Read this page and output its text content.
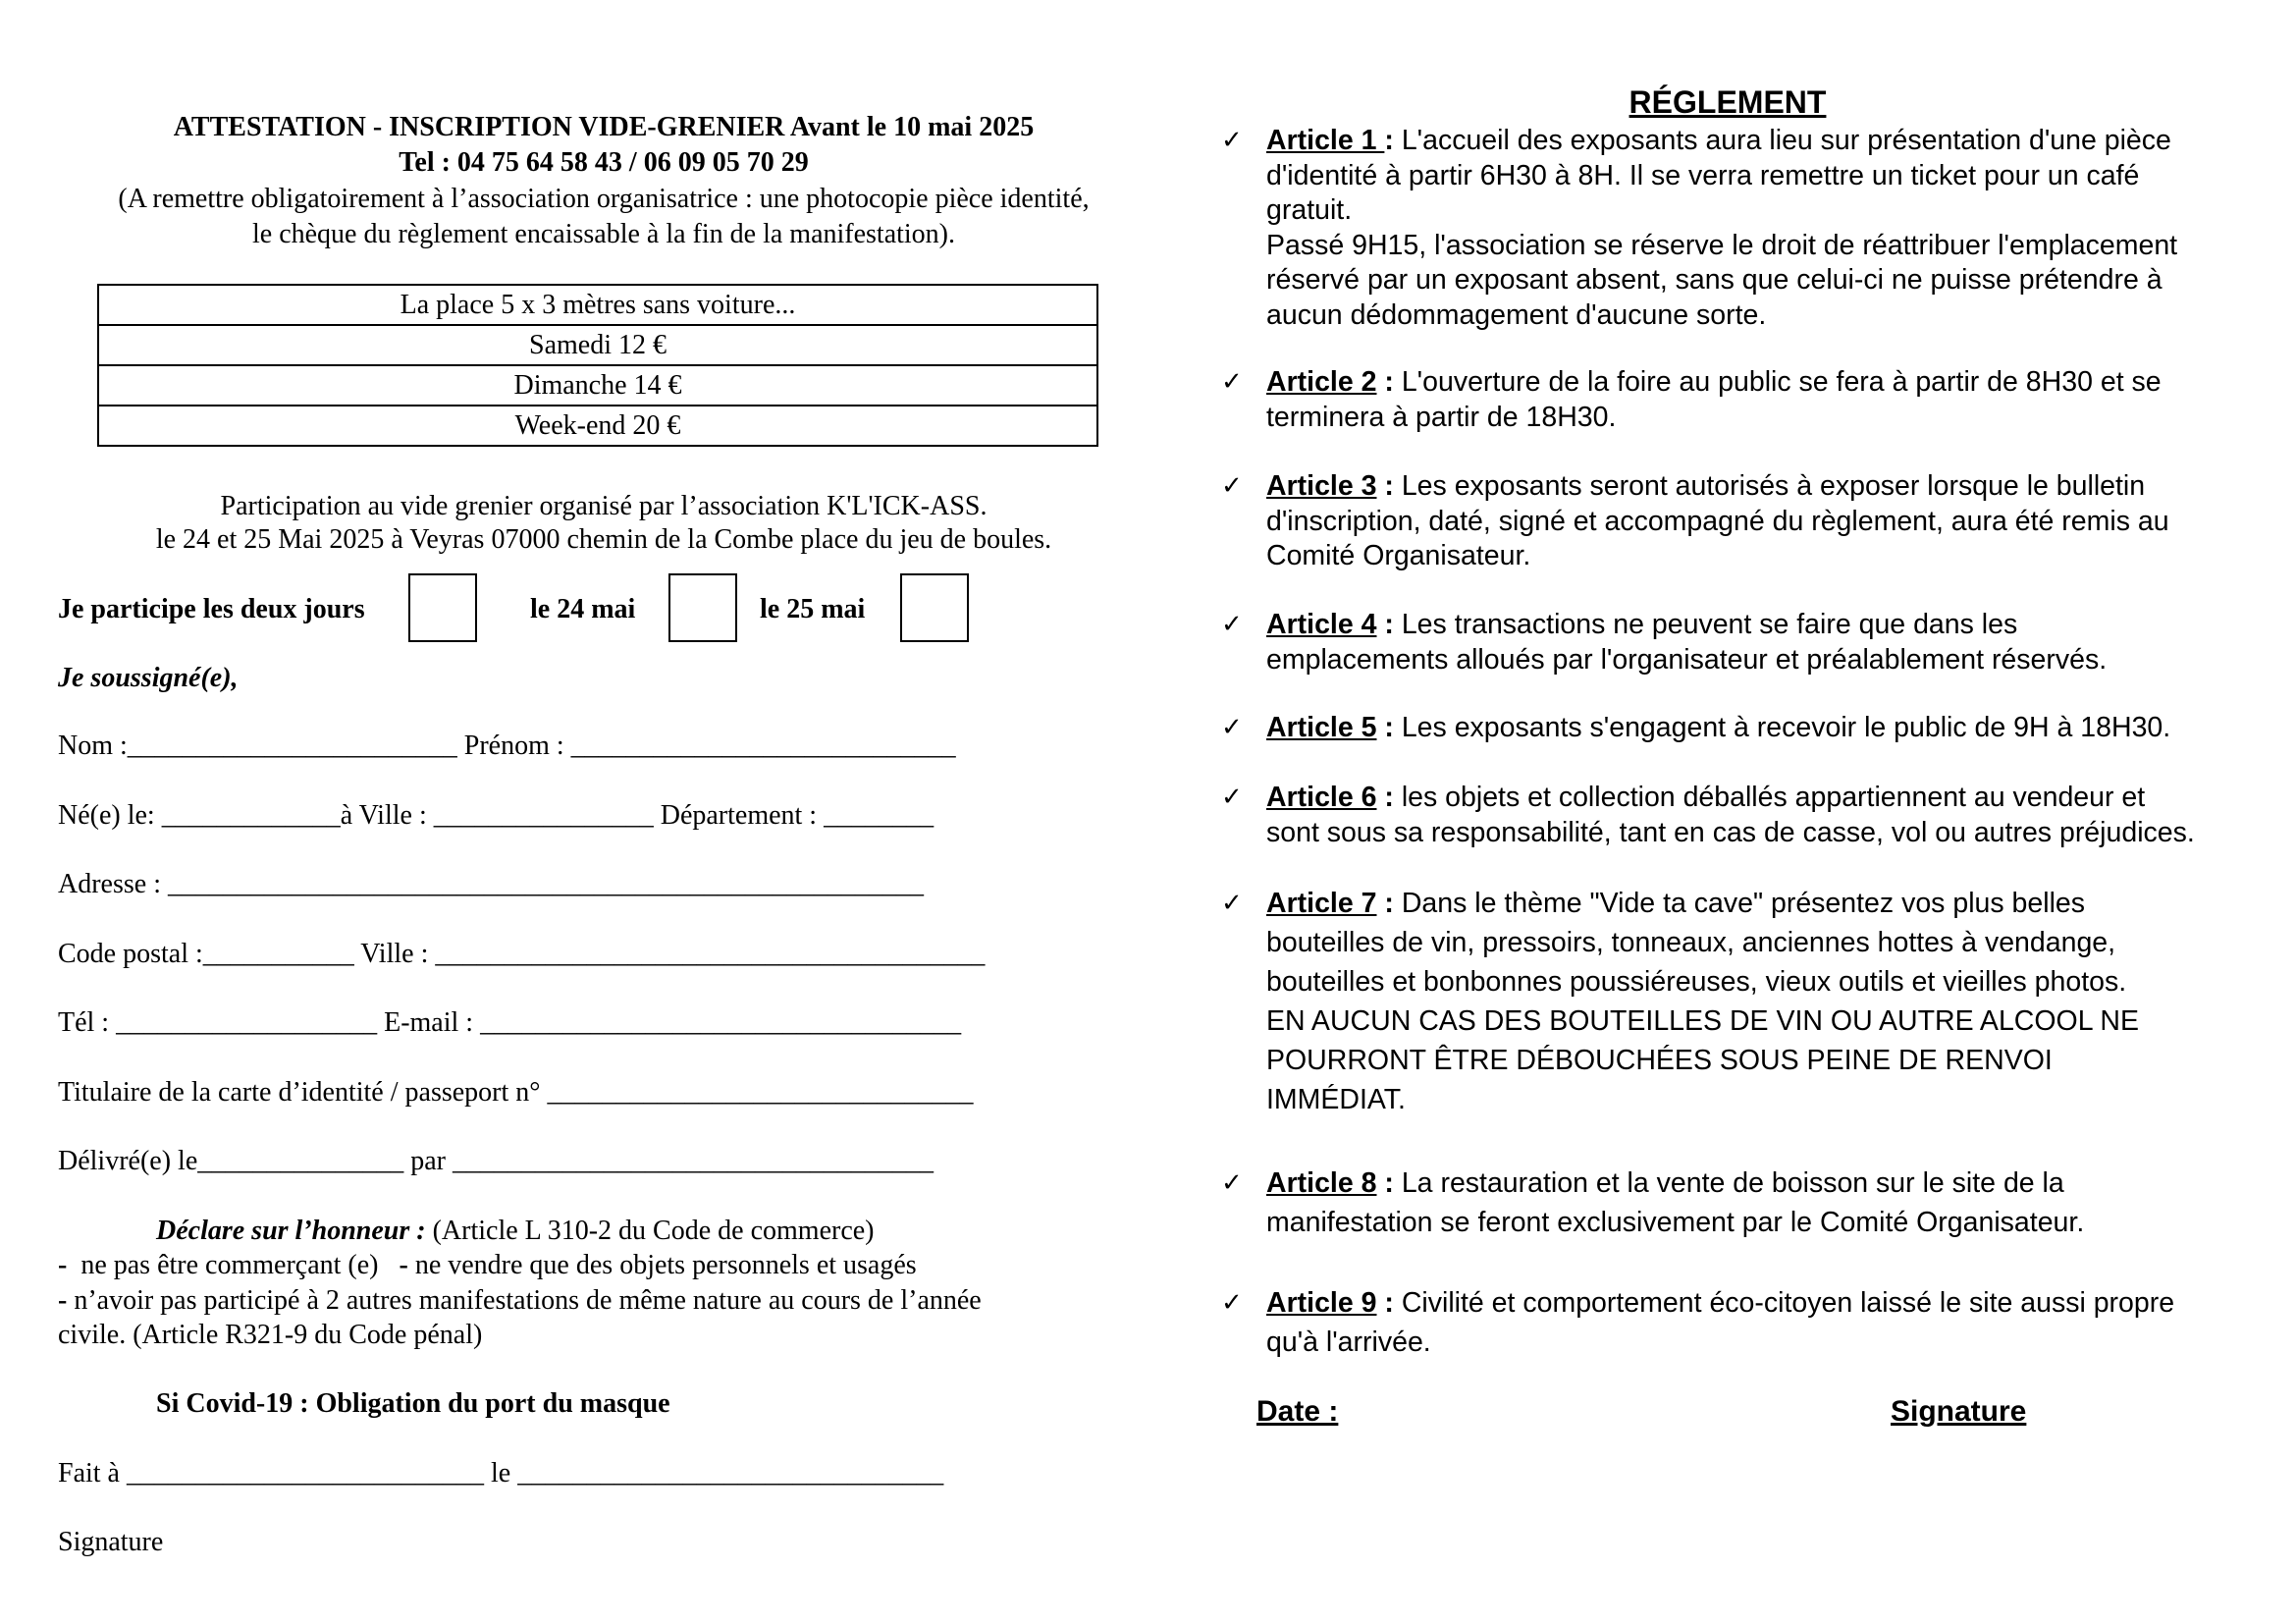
ATTESTATION - INSCRIPTION VIDE-GRENIER Avant le 10 mai 2025
Tel : 04 75 64 58 43 / 06 09 05 70 29
(A remettre obligatoirement à l’association organisatrice : une photocopie pièce identité,
le chèque du règlement encaissable à la fin de la manifestation).
La place 5 x 3 mètres sans voiture...
Samedi 12 €
Dimanche 14 €
Week-end 20 €
Participation au vide grenier organisé par l’association K'L'ICK-ASS.
le 24 et 25 Mai 2025 à Veyras 07000 chemin de la Combe place du jeu de boules.
Je participe les deux jours	le 24 mai	le 25 mai
Je soussigné(e),
Nom :________________________ Prénom : ____________________________
Né(e) le: _____________à Ville : ________________ Département : ________
Adresse : _______________________________________________________
Code postal :___________ Ville : ________________________________________
Tél : ___________________ E-mail : ___________________________________
Titulaire de la carte d’identité / passeport n° _______________________________
Délivré(e) le_______________ par ___________________________________
Déclare sur l’honneur : (Article L 310-2 du Code de commerce)
-  ne pas être commerçant (e)   - ne vendre que des objets personnels et usagés
- n’avoir pas participé à 2 autres manifestations de même nature au cours de l’année
civile. (Article R321-9 du Code pénal)
Si Covid-19 : Obligation du port du masque
Fait à __________________________ le _______________________________
Signature
RÉGLEMENT
✓ Article 1 : L'accueil des exposants aura lieu sur présentation d'une pièce

d'identité à partir 6H30 à 8H. Il se verra remettre un ticket pour un café

gratuit.

Passé 9H15, l'association se réserve le droit de réattribuer l'emplacement

réservé par un exposant absent, sans que celui-ci ne puisse prétendre à

aucun dédommagement d'aucune sorte.

✓ Article 2 : L'ouverture de la foire au public se fera à partir de 8H30 et se

terminera à partir de 18H30.

✓ Article 3 : Les exposants seront autorisés à exposer lorsque le bulletin

d'inscription, daté, signé et accompagné du règlement, aura été remis au

Comité Organisateur.

✓ Article 4 : Les transactions ne peuvent se faire que dans les

emplacements alloués par l'organisateur et préalablement réservés.

✓ Article 5 : Les exposants s'engagent à recevoir le public de 9H à 18H30.

✓ Article 6 : les objets et collection déballés appartiennent au vendeur et

sont sous sa responsabilité, tant en cas de casse, vol ou autres préjudices.

✓ Article 7 : Dans le thème "Vide ta cave" présentez vos plus belles

bouteilles de vin, pressoirs, tonneaux, anciennes hottes à vendange,

bouteilles et bonbonnes poussiéreuses, vieux outils et vieilles photos.

EN AUCUN CAS DES BOUTEILLES DE VIN OU AUTRE ALCOOL NE

POURRONT ÊTRE DÉBOUCHÉES SOUS PEINE DE RENVOI

IMMÉDIAT.

✓ Article 8 : La restauration et la vente de boisson sur le site de la

manifestation se feront exclusivement par le Comité Organisateur.

✓ Article 9 : Civilité et comportement éco-citoyen laissé le site aussi propre

qu'à l'arrivée.

Date :	Signature
